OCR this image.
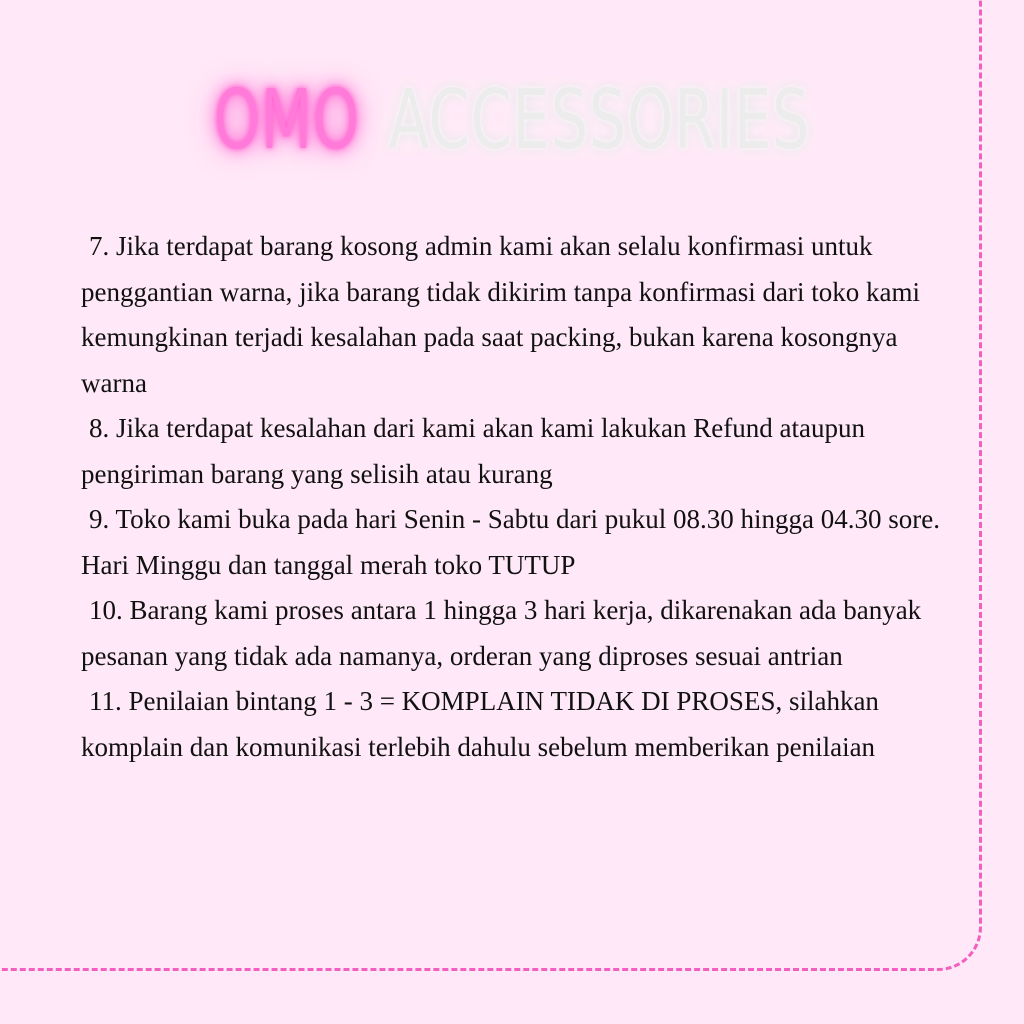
OMO ACCESSORIES

7. Jika terdapat barang kosong admin kami akan selalu konfirmasi untuk penggantian warna, jika barang tidak dikirim tanpa konfirmasi dari toko kami kemungkinan terjadi kesalahan pada saat packing, bukan karena kosongnya warna

8. Jika terdapat kesalahan dari kami akan kami lakukan Refund ataupun pengiriman barang yang selisih atau kurang

9. Toko kami buka pada hari Senin - Sabtu dari pukul 08.30 hingga 04.30 sore. Hari Minggu dan tanggal merah toko TUTUP

10. Barang kami proses antara 1 hingga 3 hari kerja, dikarenakan ada banyak pesanan yang tidak ada namanya, orderan yang diproses sesuai antrian

11. Penilaian bintang 1 - 3 = KOMPLAIN TIDAK DI PROSES, silahkan komplain dan komunikasi terlebih dahulu sebelum memberikan penilaian
